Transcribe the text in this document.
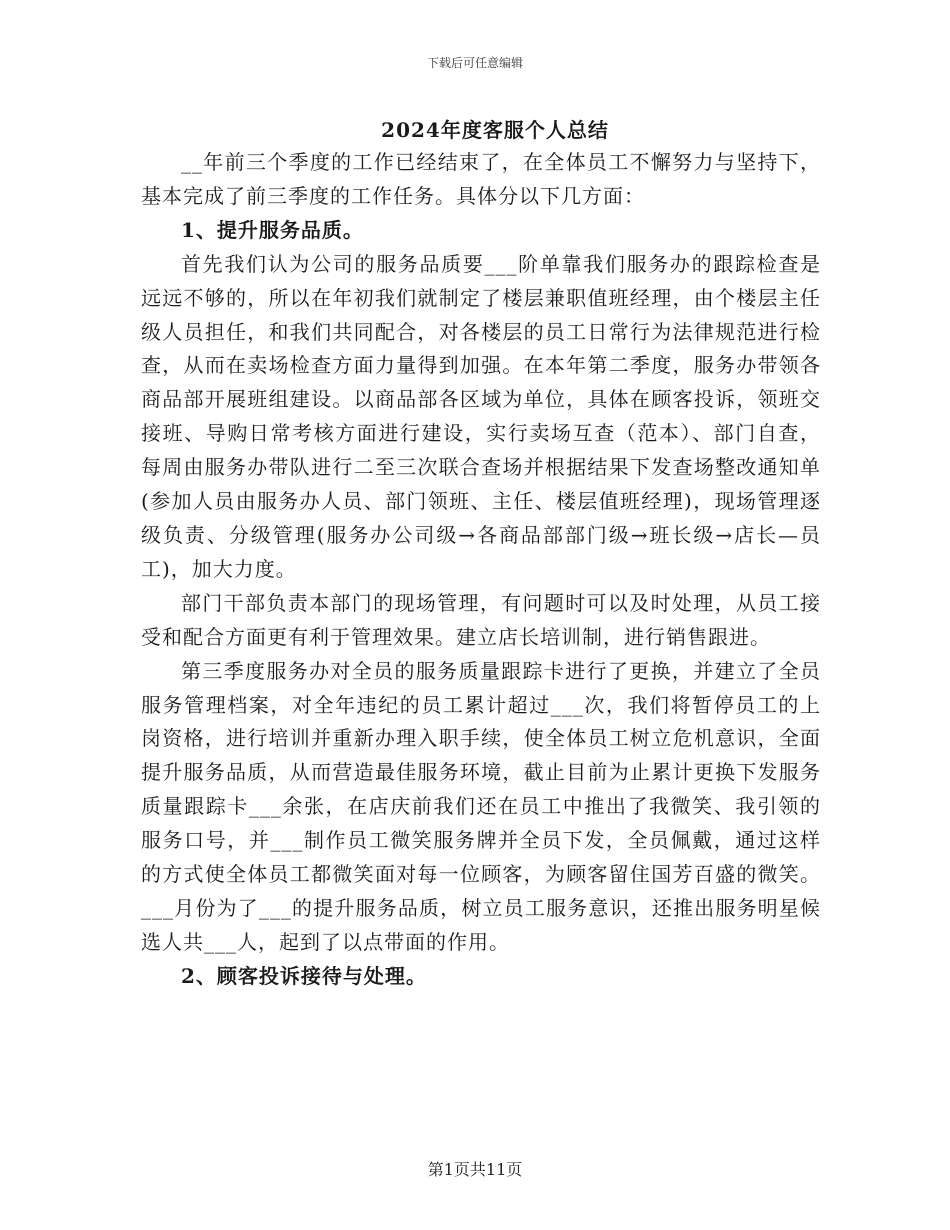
下载后可任意编辑
2024年度客服个人总结

__年前三个季度的工作已经结束了，在全体员工不懈努力与坚持下，基本完成了前三季度的工作任务。具体分以下几方面：

1、提升服务品质。

首先我们认为公司的服务品质要___阶单靠我们服务办的跟踪检查是远远不够的，所以在年初我们就制定了楼层兼职值班经理，由个楼层主任级人员担任，和我们共同配合，对各楼层的员工日常行为法律规范进行检查，从而在卖场检查方面力量得到加强。在本年第二季度，服务办带领各商品部开展班组建设。以商品部各区域为单位，具体在顾客投诉，领班交接班、导购日常考核方面进行建设，实行卖场互查（范本）、部门自查，每周由服务办带队进行二至三次联合查场并根据结果下发查场整改通知单(参加人员由服务办人员、部门领班、主任、楼层值班经理)，现场管理逐级负责、分级管理(服务办公司级→各商品部部门级→班长级→店长—员工)，加大力度。

部门干部负责本部门的现场管理，有问题时可以及时处理，从员工接受和配合方面更有利于管理效果。建立店长培训制，进行销售跟进。

第三季度服务办对全员的服务质量跟踪卡进行了更换，并建立了全员服务管理档案，对全年违纪的员工累计超过___次，我们将暂停员工的上岗资格，进行培训并重新办理入职手续，使全体员工树立危机意识，全面提升服务品质，从而营造最佳服务环境，截止目前为止累计更换下发服务质量跟踪卡___余张，在店庆前我们还在员工中推出了我微笑、我引领的服务口号，并___制作员工微笑服务牌并全员下发，全员佩戴，通过这样的方式使全体员工都微笑面对每一位顾客，为顾客留住国芳百盛的微笑。___月份为了___的提升服务品质，树立员工服务意识，还推出服务明星候选人共___人，起到了以点带面的作用。

2、顾客投诉接待与处理。

第1页共11页
